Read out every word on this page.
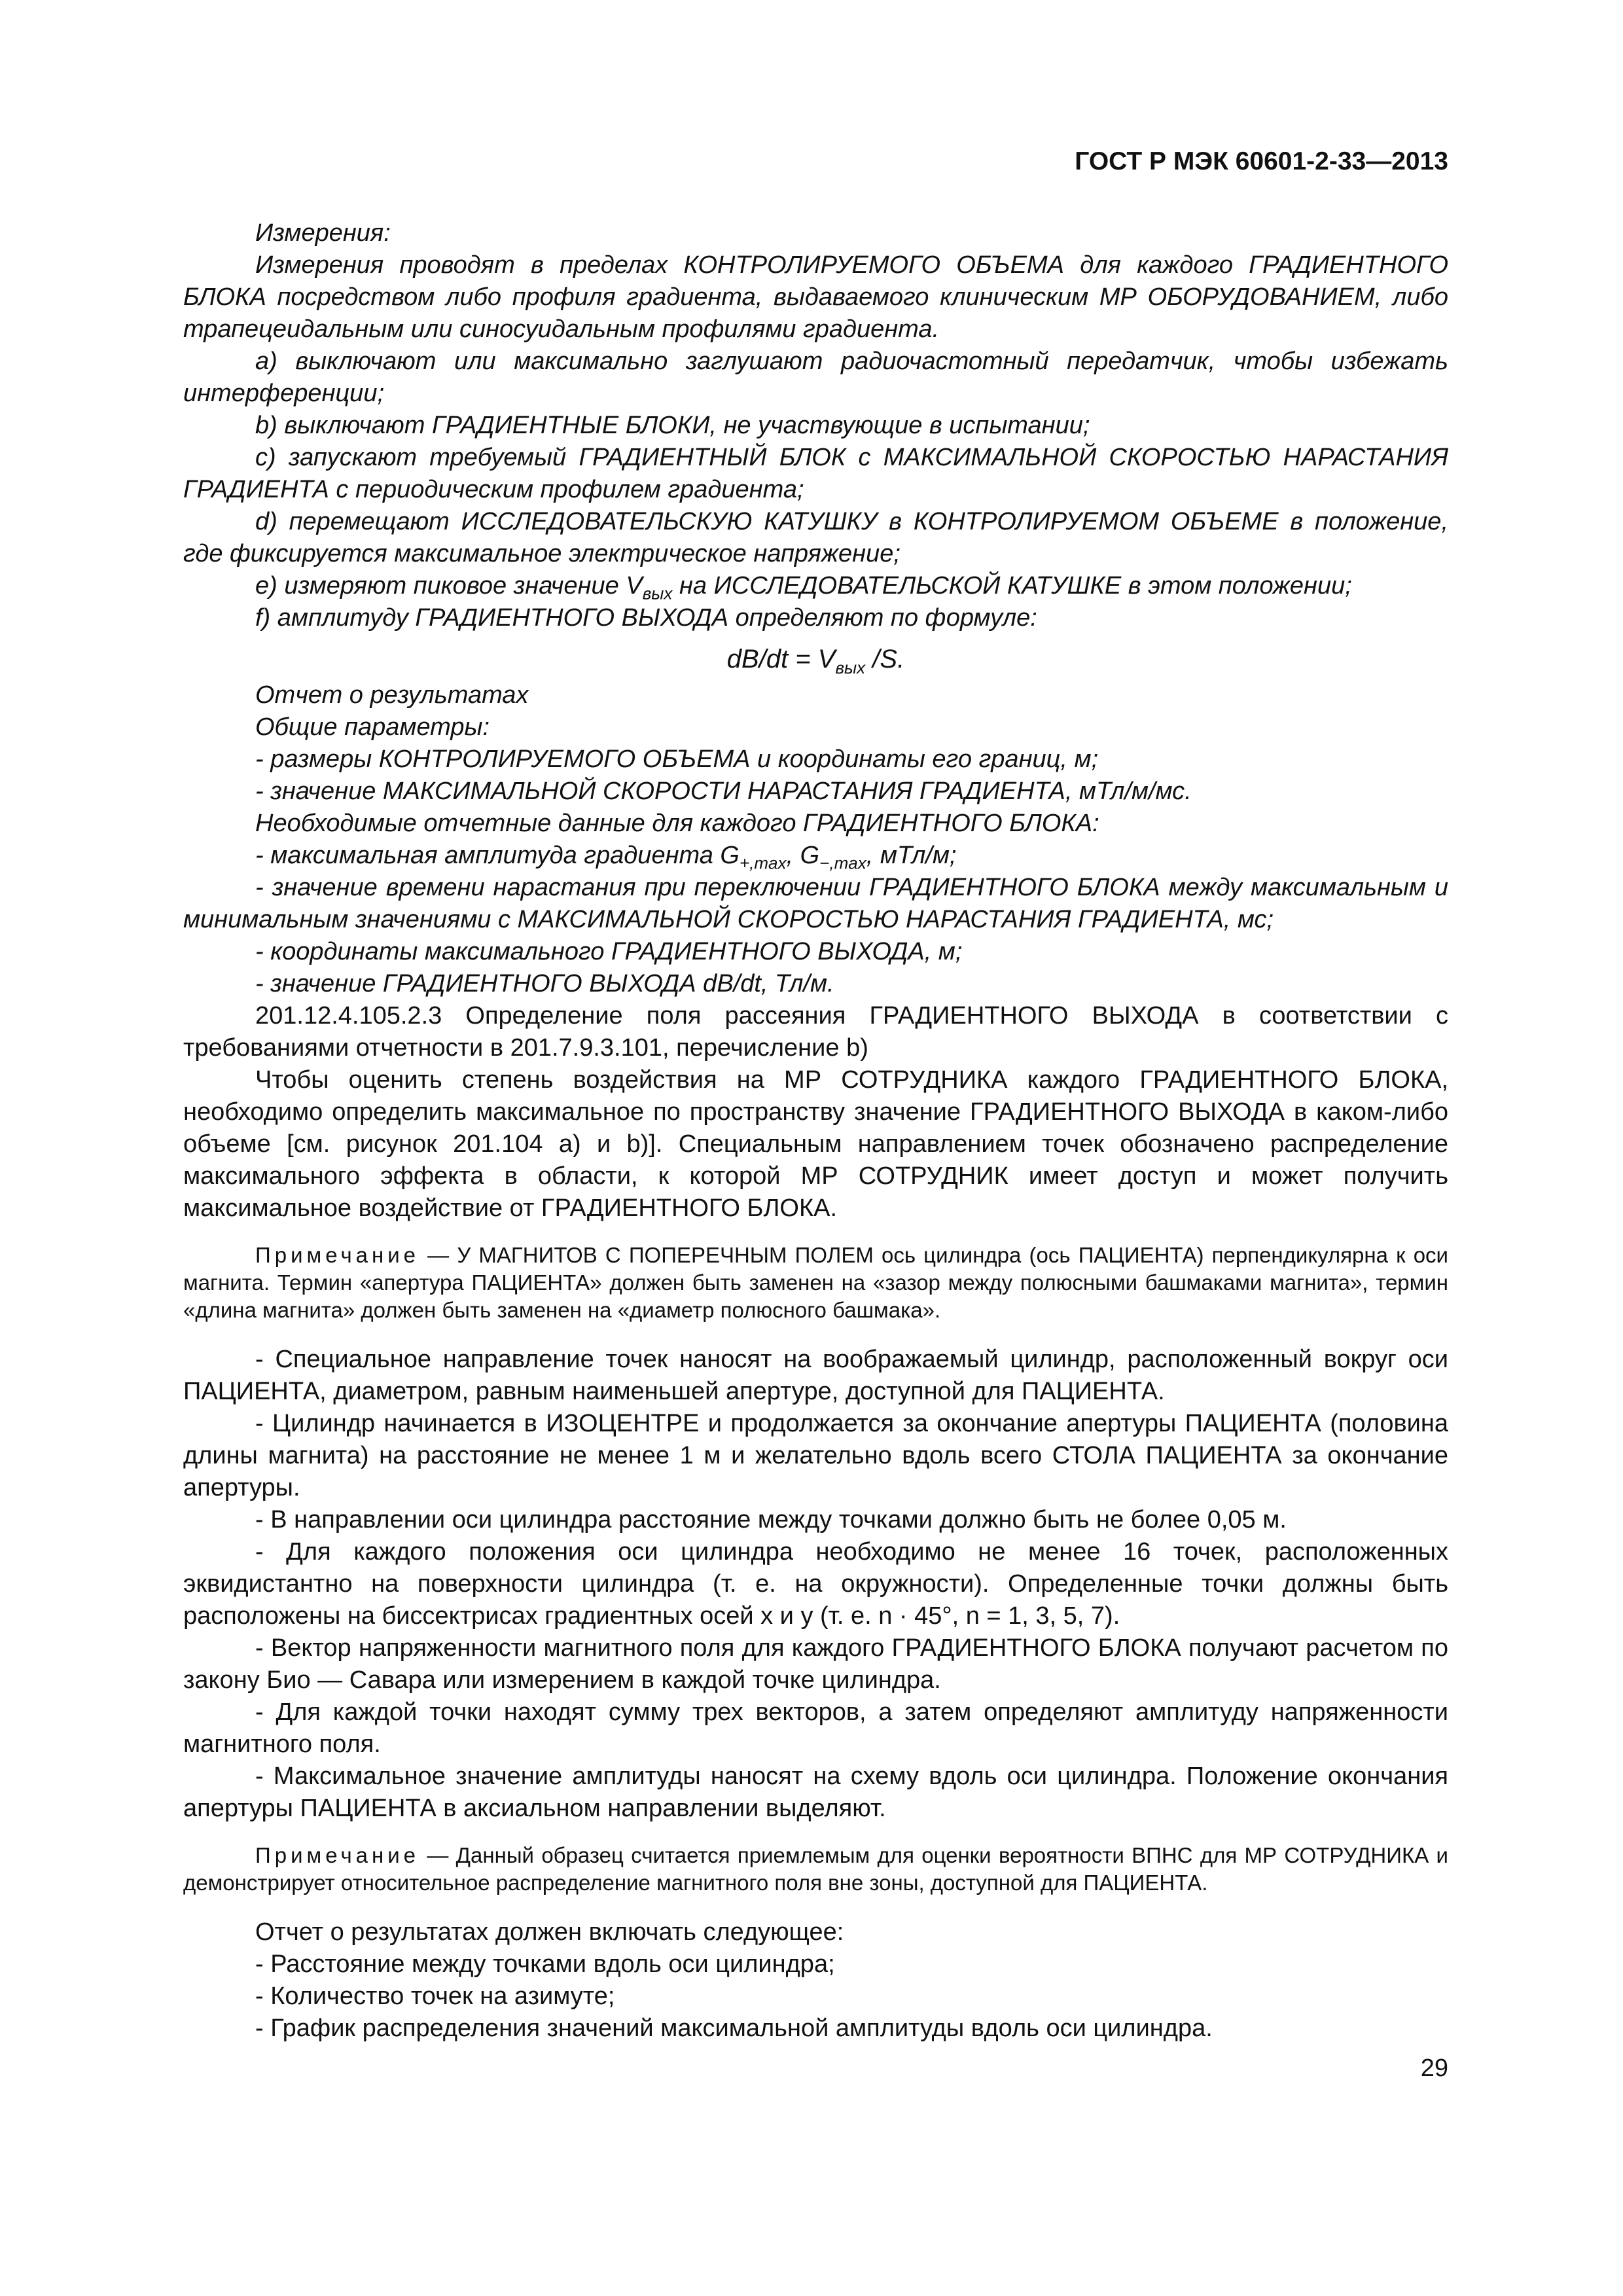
ГОСТ Р МЭК 60601-2-33—2013

Измерения:

Измерения проводят в пределах КОНТРОЛИРУЕМОГО ОБЪЕМА для каждого ГРАДИЕНТНОГО БЛОКА посредством либо профиля градиента, выдаваемого клиническим МР ОБОРУДОВАНИЕМ, либо трапецеидальным или синосуидальным профилями градиента.

a) выключают или максимально заглушают радиочастотный передатчик, чтобы избежать интерференции;

b) выключают ГРАДИЕНТНЫЕ БЛОКИ, не участвующие в испытании;

c) запускают требуемый ГРАДИЕНТНЫЙ БЛОК с МАКСИМАЛЬНОЙ СКОРОСТЬЮ НАРАСТАНИЯ ГРАДИЕНТА с периодическим профилем градиента;

d) перемещают ИССЛЕДОВАТЕЛЬСКУЮ КАТУШКУ в КОНТРОЛИРУЕМОМ ОБЪЕМЕ в положение, где фиксируется максимальное электрическое напряжение;

e) измеряют пиковое значение $V_{вых}$ на ИССЛЕДОВАТЕЛЬСКОЙ КАТУШКЕ в этом положении;

f) амплитуду ГРАДИЕНТНОГО ВЫХОДА определяют по формуле:

$dB/dt = V_{вых}$ /S.

Отчет о результатах

Общие параметры:

- размеры КОНТРОЛИРУЕМОГО ОБЪЕМА и координаты его границ, м;

- значение МАКСИМАЛЬНОЙ СКОРОСТИ НАРАСТАНИЯ ГРАДИЕНТА, мТл/м/мс.

Необходимые отчетные данные для каждого ГРАДИЕНТНОГО БЛОКА:

- максимальная амплитуда градиента $G_{+,max}$, $G_{-,max}$, мТл/м;

- значение времени нарастания при переключении ГРАДИЕНТНОГО БЛОКА между максимальным и минимальным значениями с МАКСИМАЛЬНОЙ СКОРОСТЬЮ НАРАСТАНИЯ ГРАДИЕНТА, мс;

- координаты максимального ГРАДИЕНТНОГО ВЫХОДА, м;

- значение ГРАДИЕНТНОГО ВЫХОДА dB/dt, Тл/м.

201.12.4.105.2.3 Определение поля рассеяния ГРАДИЕНТНОГО ВЫХОДА в соответствии с требованиями отчетности в 201.7.9.3.101, перечисление b)

Чтобы оценить степень воздействия на МР СОТРУДНИКА каждого ГРАДИЕНТНОГО БЛОКА, необходимо определить максимальное по пространству значение ГРАДИЕНТНОГО ВЫХОДА в каком-либо объеме [см. рисунок 201.104 a) и b)]. Специальным направлением точек обозначено распределение максимального эффекта в области, к которой МР СОТРУДНИК имеет доступ и может получить максимальное воздействие от ГРАДИЕНТНОГО БЛОКА.

Примечание — У МАГНИТОВ С ПОПЕРЕЧНЫМ ПОЛЕМ ось цилиндра (ось ПАЦИЕНТА) перпендикулярна к оси магнита. Термин «апертура ПАЦИЕНТА» должен быть заменен на «зазор между полюсными башмаками магнита», термин «длина магнита» должен быть заменен на «диаметр полюсного башмака».

- Специальное направление точек наносят на воображаемый цилиндр, расположенный вокруг оси ПАЦИЕНТА, диаметром, равным наименьшей апертуре, доступной для ПАЦИЕНТА.

- Цилиндр начинается в ИЗОЦЕНТРЕ и продолжается за окончание апертуры ПАЦИЕНТА (половина длины магнита) на расстояние не менее 1 м и желательно вдоль всего СТОЛА ПАЦИЕНТА за окончание апертуры.

- В направлении оси цилиндра расстояние между точками должно быть не более 0,05 м.

- Для каждого положения оси цилиндра необходимо не менее 16 точек, расположенных эквидистантно на поверхности цилиндра (т. е. на окружности). Определенные точки должны быть расположены на биссектрисах градиентных осей x и y (т. е. n · 45°, n = 1, 3, 5, 7).

- Вектор напряженности магнитного поля для каждого ГРАДИЕНТНОГО БЛОКА получают расчетом по закону Био — Савара или измерением в каждой точке цилиндра.

- Для каждой точки находят сумму трех векторов, а затем определяют амплитуду напряженности магнитного поля.

- Максимальное значение амплитуды наносят на схему вдоль оси цилиндра. Положение окончания апертуры ПАЦИЕНТА в аксиальном направлении выделяют.

Примечание — Данный образец считается приемлемым для оценки вероятности ВПНС для МР СОТРУДНИКА и демонстрирует относительное распределение магнитного поля вне зоны, доступной для ПАЦИЕНТА.

Отчет о результатах должен включать следующее:

- Расстояние между точками вдоль оси цилиндра;

- Количество точек на азимуте;

- График распределения значений максимальной амплитуды вдоль оси цилиндра.

29
